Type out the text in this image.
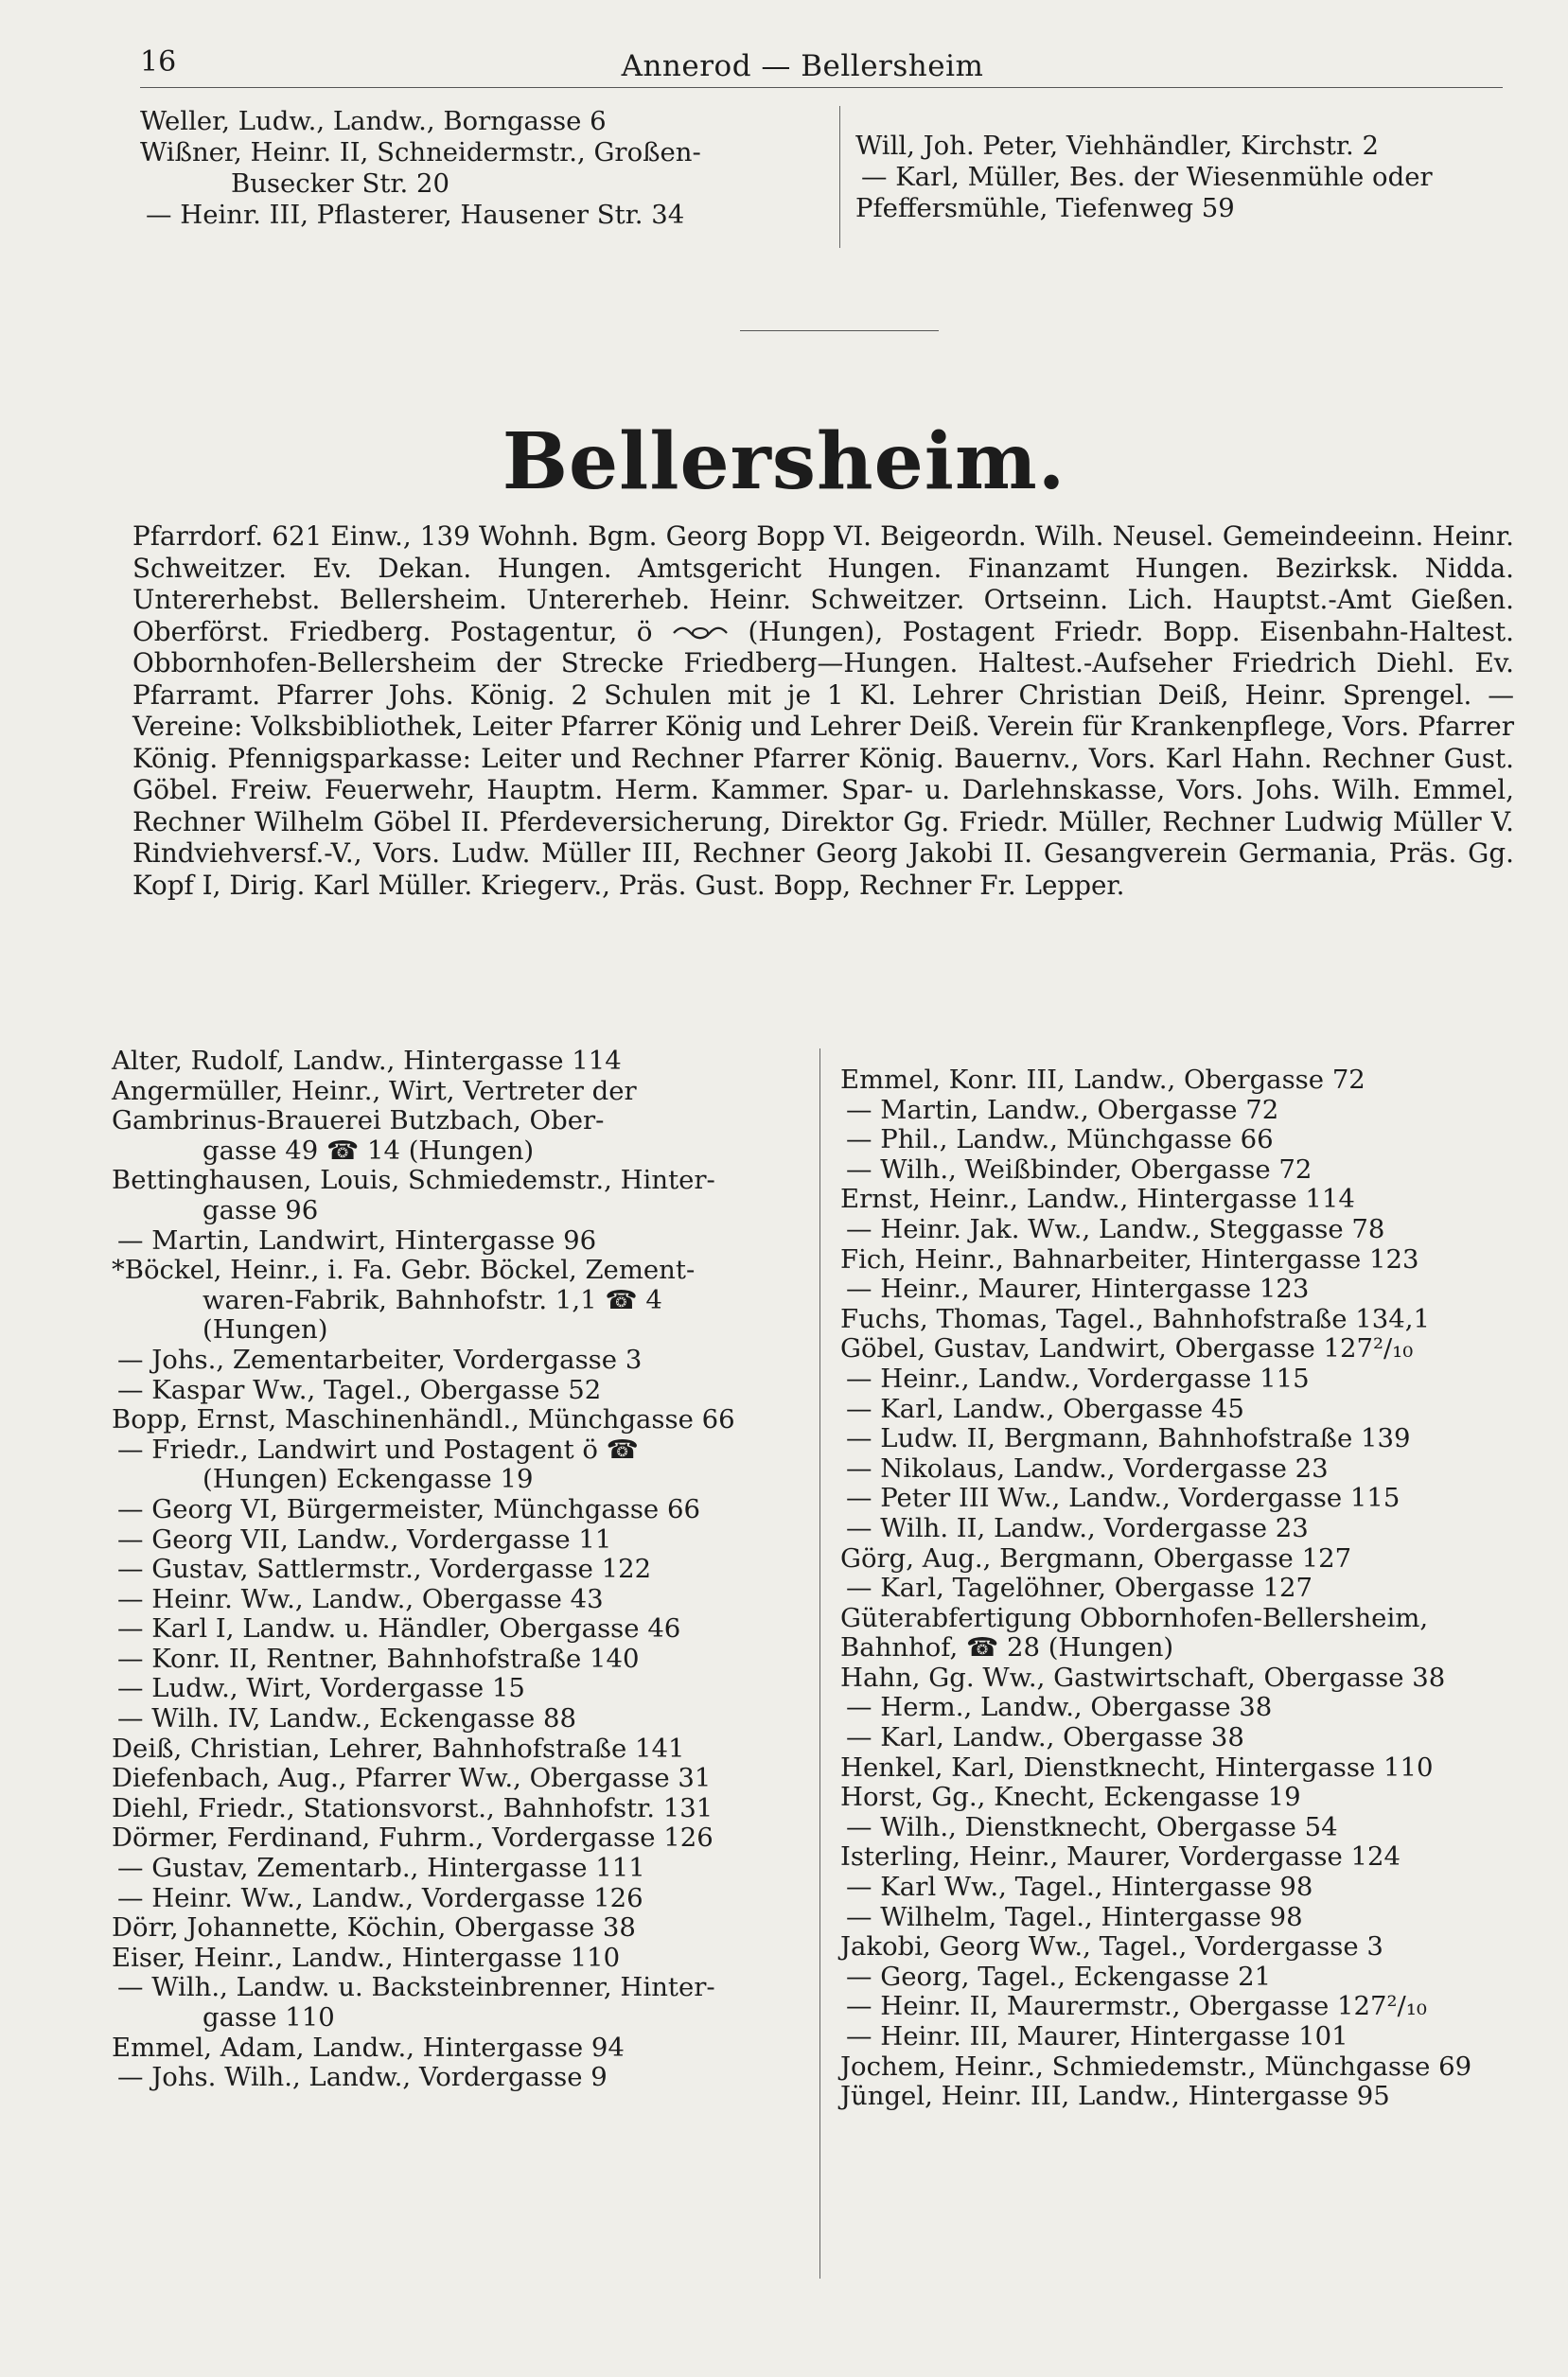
16	Annerod — Bellersheim
Weller, Ludw., Landw., Borngasse 6
Wißner, Heinr. II, Schneidermstr., Großen-
Busecker Str. 20
— Heinr. III, Pflasterer, Hausener Str. 34
Will, Joh. Peter, Viehhändler, Kirchstr. 2
— Karl, Müller, Bes. der Wiesenmühle oder
Pfeffersmühle, Tiefenweg 59
Bellersheim.

Pfarrdorf. 621 Einw., 139 Wohnh. Bgm. Georg Bopp VI. Beigeordn. Wilh. Neusel. Gemeindeeinn. Heinr. Schweitzer. Ev. Dekan. Hungen. Amtsgericht Hungen. Finanzamt Hungen. Bezirksk. Nidda. Untererhebst. Bellersheim. Untererheb. Heinr. Schweitzer. Ortseinn. Lich. Hauptst.-Amt Gießen. Oberförst. Friedberg. Postagentur, ö	(Hungen), Postagent Friedr. Bopp. Eisenbahn-Haltest. Obbornhofen-Bellersheim der Strecke Friedberg—Hungen. Haltest.-Aufseher Friedrich Diehl. Ev. Pfarramt. Pfarrer Johs. König. 2 Schulen mit je 1 Kl. Lehrer Christian Deiß, Heinr. Sprengel. — Vereine: Volksbibliothek, Leiter Pfarrer König und Lehrer Deiß. Verein für Krankenpflege, Vors. Pfarrer König. Pfennigsparkasse: Leiter und Rechner Pfarrer König. Bauernv., Vors. Karl Hahn. Rechner Gust. Göbel. Freiw. Feuerwehr, Hauptm. Herm. Kammer. Spar- u. Darlehnskasse, Vors. Johs. Wilh. Emmel, Rechner Wilhelm Göbel II. Pferdeversicherung, Direktor Gg. Friedr. Müller, Rechner Ludwig Müller V. Rindviehversf.-V., Vors. Ludw. Müller III, Rechner Georg Jakobi II. Gesangverein Germania, Präs. Gg. Kopf I, Dirig. Karl Müller. Kriegerv., Präs. Gust. Bopp, Rechner Fr. Lepper.

Alter, Rudolf, Landw., Hintergasse 114
Angermüller, Heinr., Wirt, Vertreter der
Gambrinus-Brauerei Butzbach, Ober-
gasse 49 ☎ 14 (Hungen)
Bettinghausen, Louis, Schmiedemstr., Hinter-
gasse 96
— Martin, Landwirt, Hintergasse 96
*Böckel, Heinr., i. Fa. Gebr. Böckel, Zement-
waren-Fabrik, Bahnhofstr. 1,1 ☎ 4
(Hungen)
— Johs., Zementarbeiter, Vordergasse 3
— Kaspar Ww., Tagel., Obergasse 52
Bopp, Ernst, Maschinenhändl., Münchgasse 66
— Friedr., Landwirt und Postagent ö ☎
(Hungen) Eckengasse 19
— Georg VI, Bürgermeister, Münchgasse 66
— Georg VII, Landw., Vordergasse 11
— Gustav, Sattlermstr., Vordergasse 122
— Heinr. Ww., Landw., Obergasse 43
— Karl I, Landw. u. Händler, Obergasse 46
— Konr. II, Rentner, Bahnhofstraße 140
— Ludw., Wirt, Vordergasse 15
— Wilh. IV, Landw., Eckengasse 88
Deiß, Christian, Lehrer, Bahnhofstraße 141
Diefenbach, Aug., Pfarrer Ww., Obergasse 31
Diehl, Friedr., Stationsvorst., Bahnhofstr. 131
Dörmer, Ferdinand, Fuhrm., Vordergasse 126
— Gustav, Zementarb., Hintergasse 111
— Heinr. Ww., Landw., Vordergasse 126
Dörr, Johannette, Köchin, Obergasse 38
Eiser, Heinr., Landw., Hintergasse 110
— Wilh., Landw. u. Backsteinbrenner, Hinter-
gasse 110
Emmel, Adam, Landw., Hintergasse 94
— Johs. Wilh., Landw., Vordergasse 9
Emmel, Konr. III, Landw., Obergasse 72
— Martin, Landw., Obergasse 72
— Phil., Landw., Münchgasse 66
— Wilh., Weißbinder, Obergasse 72
Ernst, Heinr., Landw., Hintergasse 114
— Heinr. Jak. Ww., Landw., Steggasse 78
Fich, Heinr., Bahnarbeiter, Hintergasse 123
— Heinr., Maurer, Hintergasse 123
Fuchs, Thomas, Tagel., Bahnhofstraße 134,1
Göbel, Gustav, Landwirt, Obergasse 127²/₁₀
— Heinr., Landw., Vordergasse 115
— Karl, Landw., Obergasse 45
— Ludw. II, Bergmann, Bahnhofstraße 139
— Nikolaus, Landw., Vordergasse 23
— Peter III Ww., Landw., Vordergasse 115
— Wilh. II, Landw., Vordergasse 23
Görg, Aug., Bergmann, Obergasse 127
— Karl, Tagelöhner, Obergasse 127
Güterabfertigung Obbornhofen-Bellersheim,
Bahnhof, ☎ 28 (Hungen)
Hahn, Gg. Ww., Gastwirtschaft, Obergasse 38
— Herm., Landw., Obergasse 38
— Karl, Landw., Obergasse 38
Henkel, Karl, Dienstknecht, Hintergasse 110
Horst, Gg., Knecht, Eckengasse 19
— Wilh., Dienstknecht, Obergasse 54
Isterling, Heinr., Maurer, Vordergasse 124
— Karl Ww., Tagel., Hintergasse 98
— Wilhelm, Tagel., Hintergasse 98
Jakobi, Georg Ww., Tagel., Vordergasse 3
— Georg, Tagel., Eckengasse 21
— Heinr. II, Maurermstr., Obergasse 127²/₁₀
— Heinr. III, Maurer, Hintergasse 101
Jochem, Heinr., Schmiedemstr., Münchgasse 69
Jüngel, Heinr. III, Landw., Hintergasse 95
